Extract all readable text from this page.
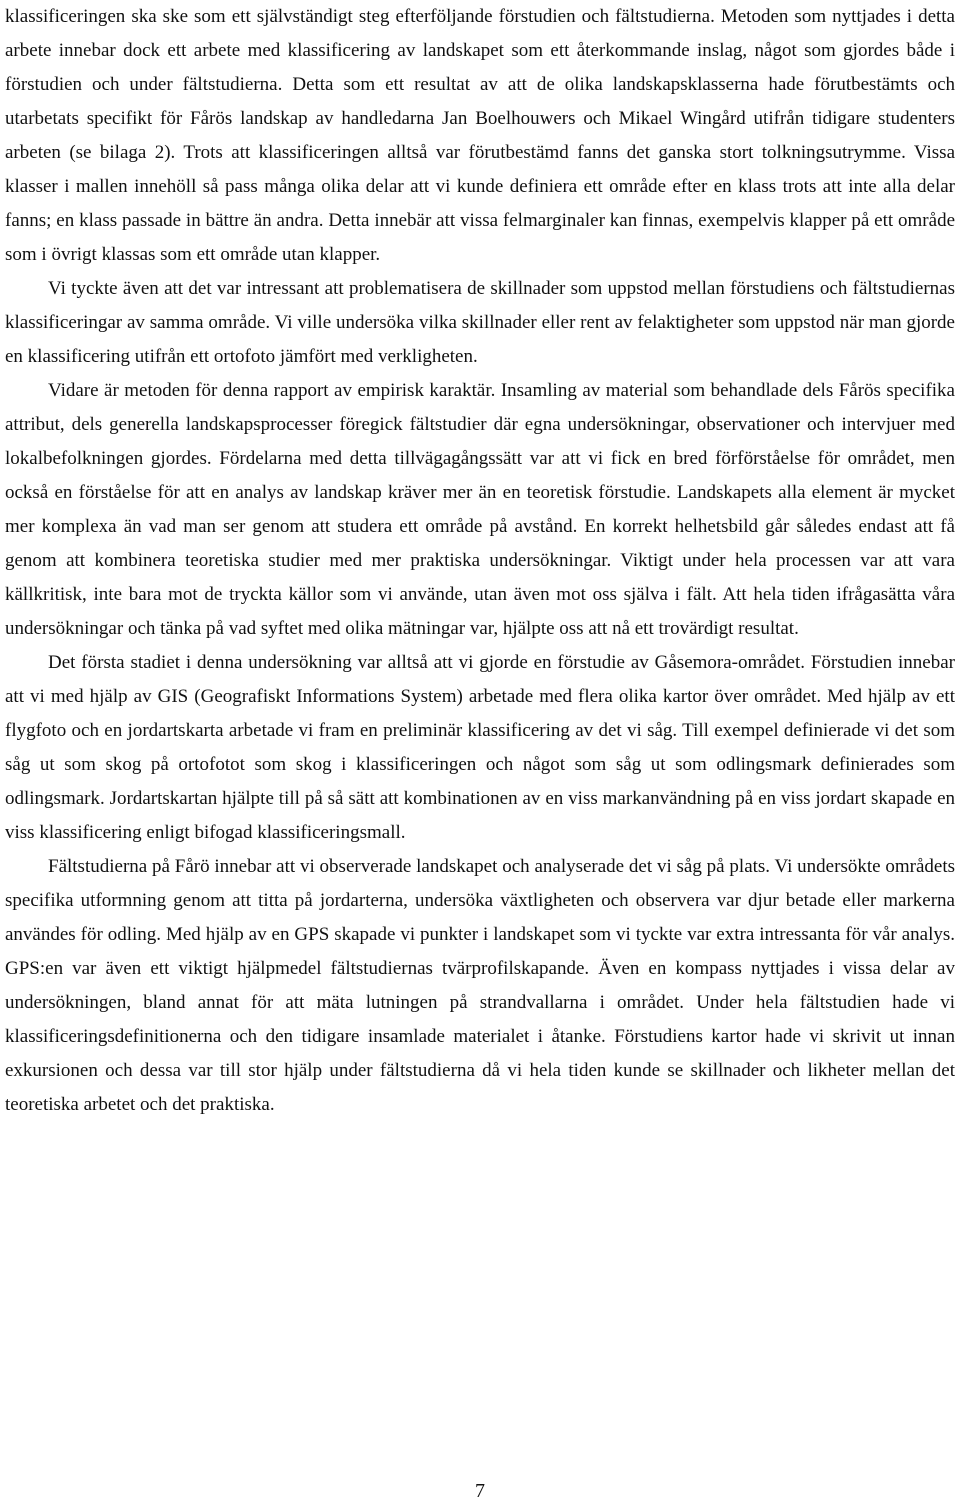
klassificeringen ska ske som ett självständigt steg efterföljande förstudien och fältstudierna. Metoden som nyttjades i detta arbete innebar dock ett arbete med klassificering av landskapet som ett återkommande inslag, något som gjordes både i förstudien och under fältstudierna. Detta som ett resultat av att de olika landskapsklasserna hade förutbestämts och utarbetats specifikt för Fårös landskap av handledarna Jan Boelhouwers och Mikael Wingård utifrån tidigare studenters arbeten (se bilaga 2). Trots att klassificeringen alltså var förutbestämd fanns det ganska stort tolkningsutrymme. Vissa klasser i mallen innehöll så pass många olika delar att vi kunde definiera ett område efter en klass trots att inte alla delar fanns; en klass passade in bättre än andra. Detta innebär att vissa felmarginaler kan finnas, exempelvis klapper på ett område som i övrigt klassas som ett område utan klapper.

Vi tyckte även att det var intressant att problematisera de skillnader som uppstod mellan förstudiens och fältstudiernas klassificeringar av samma område. Vi ville undersöka vilka skillnader eller rent av felaktigheter som uppstod när man gjorde en klassificering utifrån ett ortofoto jämfört med verkligheten.

Vidare är metoden för denna rapport av empirisk karaktär. Insamling av material som behandlade dels Fårös specifika attribut, dels generella landskapsprocesser föregick fältstudier där egna undersökningar, observationer och intervjuer med lokalbefolkningen gjordes. Fördelarna med detta tillvägagångssätt var att vi fick en bred förförståelse för området, men också en förståelse för att en analys av landskap kräver mer än en teoretisk förstudie. Landskapets alla element är mycket mer komplexa än vad man ser genom att studera ett område på avstånd. En korrekt helhetsbild går således endast att få genom att kombinera teoretiska studier med mer praktiska undersökningar. Viktigt under hela processen var att vara källkritisk, inte bara mot de tryckta källor som vi använde, utan även mot oss själva i fält. Att hela tiden ifrågasätta våra undersökningar och tänka på vad syftet med olika mätningar var, hjälpte oss att nå ett trovärdigt resultat.

Det första stadiet i denna undersökning var alltså att vi gjorde en förstudie av Gåsemora-området. Förstudien innebar att vi med hjälp av GIS (Geografiskt Informations System) arbetade med flera olika kartor över området. Med hjälp av ett flygfoto och en jordartskarta arbetade vi fram en preliminär klassificering av det vi såg. Till exempel definierade vi det som såg ut som skog på ortofotot som skog i klassificeringen och något som såg ut som odlingsmark definierades som odlingsmark. Jordartskartan hjälpte till på så sätt att kombinationen av en viss markanvändning på en viss jordart skapade en viss klassificering enligt bifogad klassificeringsmall.

Fältstudierna på Fårö innebar att vi observerade landskapet och analyserade det vi såg på plats. Vi undersökte områdets specifika utformning genom att titta på jordarterna, undersöka växtligheten och observera var djur betade eller markerna användes för odling. Med hjälp av en GPS skapade vi punkter i landskapet som vi tyckte var extra intressanta för vår analys. GPS:en var även ett viktigt hjälpmedel fältstudiernas tvärprofilskapande. Även en kompass nyttjades i vissa delar av undersökningen, bland annat för att mäta lutningen på strandvallarna i området. Under hela fältstudien hade vi klassificeringsdefinitionerna och den tidigare insamlade materialet i åtanke. Förstudiens kartor hade vi skrivit ut innan exkursionen och dessa var till stor hjälp under fältstudierna då vi hela tiden kunde se skillnader och likheter mellan det teoretiska arbetet och det praktiska.

7
